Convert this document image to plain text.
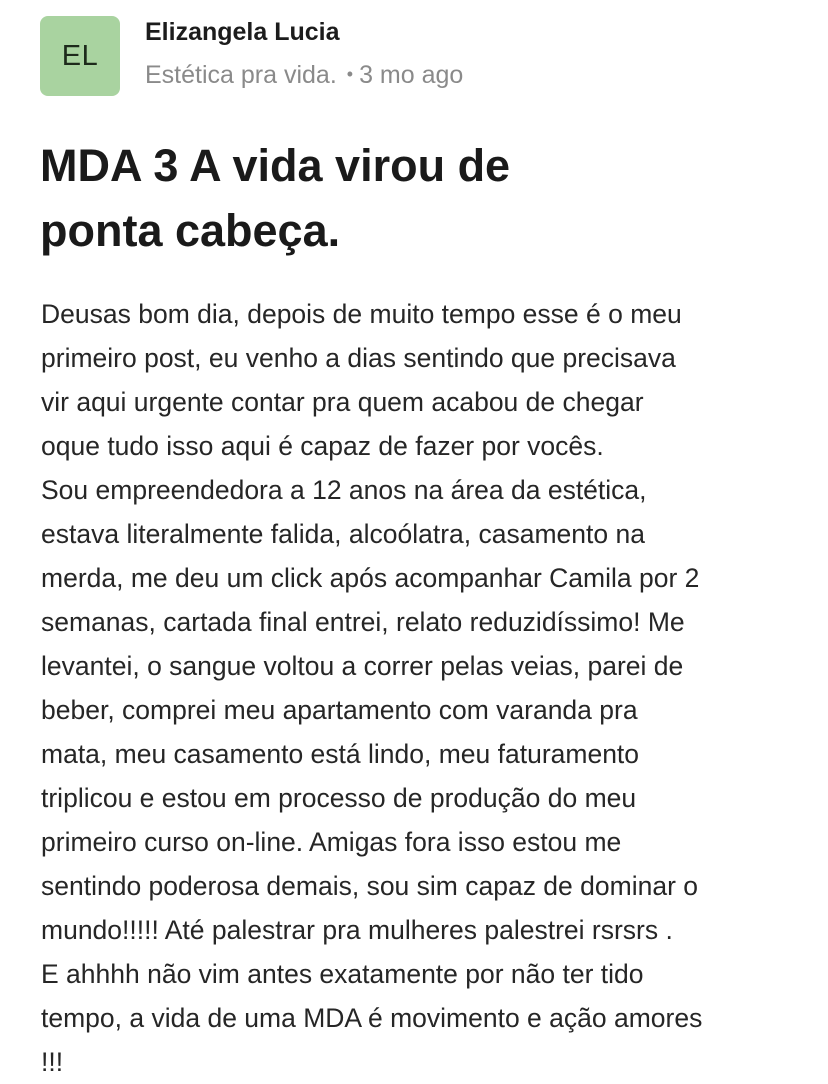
EL
Elizangela Lucia
Estética pra vida. • 3 mo ago
MDA 3 A vida virou de
ponta cabeça.
Deusas bom dia, depois de muito tempo esse é o meu
primeiro post, eu venho a dias sentindo que precisava
vir aqui urgente contar pra quem acabou de chegar
oque tudo isso aqui é capaz de fazer por vocês.
Sou empreendedora a 12 anos na área da estética,
estava literalmente falida, alcoólatra, casamento na
merda, me deu um click após acompanhar Camila por 2
semanas, cartada final entrei, relato reduzidíssimo! Me
levantei, o sangue voltou a correr pelas veias, parei de
beber, comprei meu apartamento com varanda pra
mata, meu casamento está lindo, meu faturamento
triplicou e estou em processo de produção do meu
primeiro curso on-line. Amigas fora isso estou me
sentindo poderosa demais, sou sim capaz de dominar o
mundo!!!!! Até palestrar pra mulheres palestrei rsrsrs .
E ahhhh não vim antes exatamente por não ter tido
tempo, a vida de uma MDA é movimento e ação amores
!!!
